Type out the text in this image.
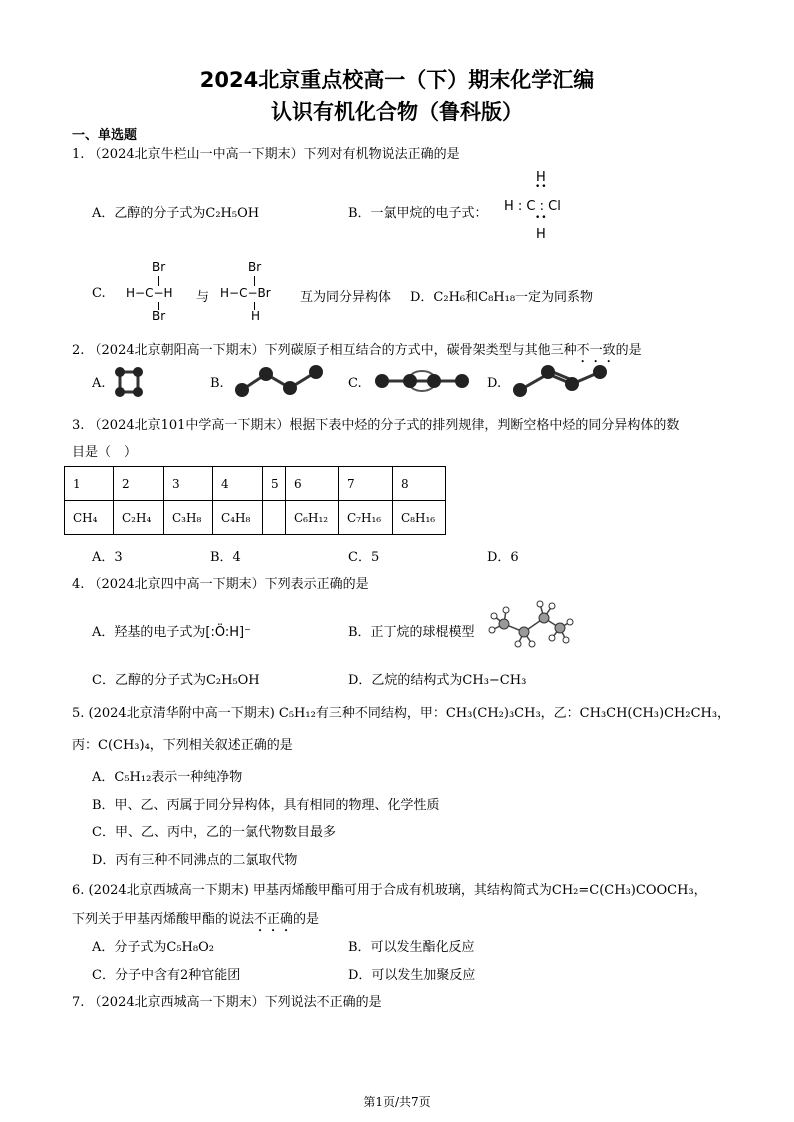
2024北京重点校高一（下）期末化学汇编
认识有机化合物（鲁科版）
一、单选题
1. （2024北京牛栏山一中高一下期末）下列对有机物说法正确的是
A．乙醇的分子式为C₂H₅OH	B．一氯甲烷的电子式：
H
••
H : C : Cl
••
H
C.
Br
H−C−H
Br
与
Br
H−C−Br
H
互为同分异构体 D．C₂H₆和C₈H₁₈一定为同系物
2. （2024北京朝阳高一下期末）下列碳原子相互结合的方式中，碳骨架类型与其他三种不一致的是
A.	B.	C.	D.
3. （2024北京101中学高一下期末）根据下表中烃的分子式的排列规律，判断空格中烃的同分异构体的数
目是（　）
1	2	3	4	5	6	7	8
CH₄	C₂H₄	C₃H₈	C₄H₈		C₆H₁₂	C₇H₁₆	C₈H₁₆
A．3	B．4	C．5	D．6
4. （2024北京四中高一下期末）下列表示正确的是
A．羟基的电子式为[:Ö:H]⁻	B．正丁烷的球棍模型
C．乙醇的分子式为C₂H₅OH	D．乙烷的结构式为CH₃−CH₃
5. (2024北京清华附中高一下期末) C₅H₁₂有三种不同结构，甲：CH₃(CH₂)₃CH₃，乙：CH₃CH(CH₃)CH₂CH₃，
丙：C(CH₃)₄，下列相关叙述正确的是
A．C₅H₁₂表示一种纯净物
B．甲、乙、丙属于同分异构体，具有相同的物理、化学性质
C．甲、乙、丙中，乙的一氯代物数目最多
D．丙有三种不同沸点的二氯取代物
6. (2024北京西城高一下期末) 甲基丙烯酸甲酯可用于合成有机玻璃，其结构简式为CH₂=C(CH₃)COOCH₃，
下列关于甲基丙烯酸甲酯的说法不正确的是
A．分子式为C₅H₈O₂	B．可以发生酯化反应
C．分子中含有2种官能团	D．可以发生加聚反应
7. （2024北京西城高一下期末）下列说法不正确的是
第1页/共7页
